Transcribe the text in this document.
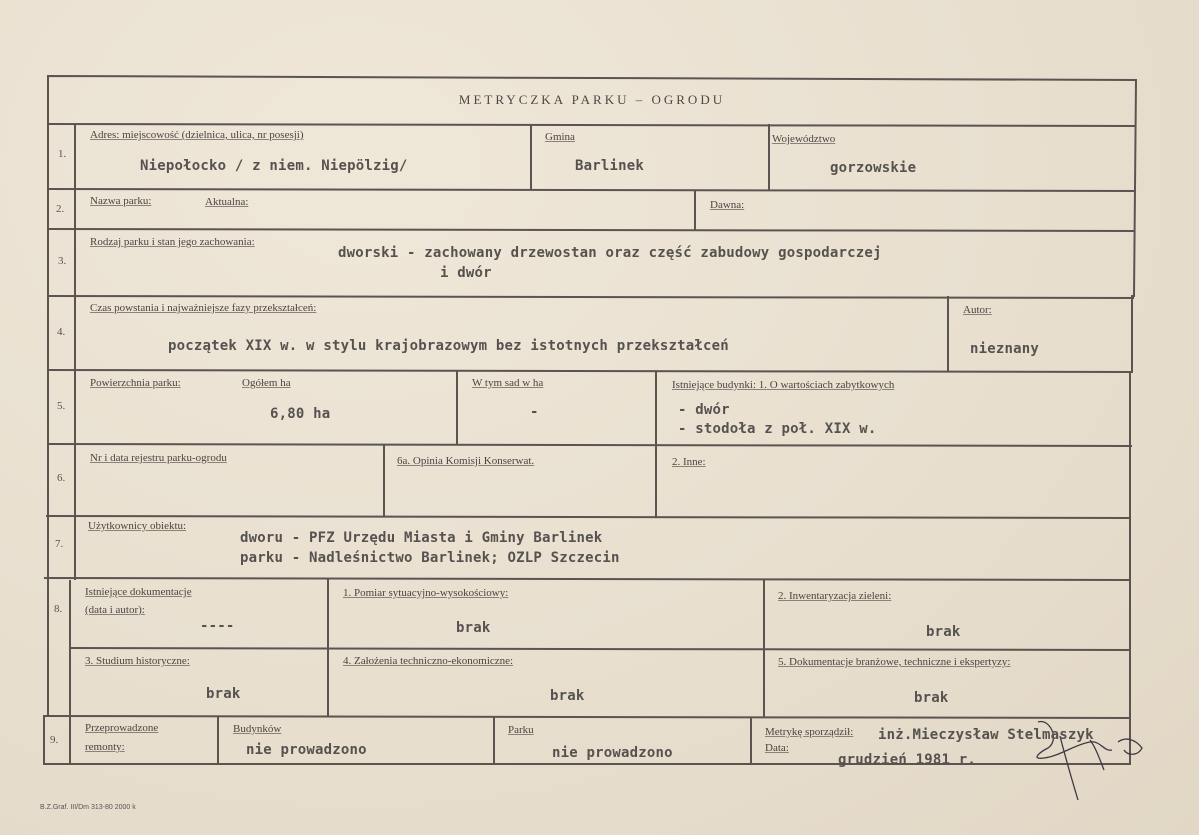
METRYCZKA PARKU – OGRODU
1.
Adres: miejscowość (dzielnica, ulica, nr posesji)
Niepołocko / z niem. Niepölzig/
Gmina
Barlinek
Województwo
gorzowskie
2.
Nazwa parku:	Aktualna:	Dawna:
3.
Rodzaj parku i stan jego zachowania:
dworski - zachowany drzewostan oraz część zabudowy gospodarczej
i dwór
4.
Czas powstania i najważniejsze fazy przekształceń:
początek XIX w. w stylu krajobrazowym bez istotnych przekształceń
Autor:
nieznany
5.
Powierzchnia parku:	Ogółem ha
6,80 ha
W tym sad w ha
-
Istniejące budynki: 1. O wartościach zabytkowych
- dwór
- stodoła z poł. XIX w.
6.
Nr i data rejestru parku-ogrodu	6a. Opinia Komisji Konserwat.	2. Inne:
7.
Użytkownicy obiektu:
dworu - PFZ Urzędu Miasta i Gminy Barlinek
parku - Nadleśnictwo Barlinek; OZLP Szczecin
8.
Istniejące dokumentacje
(data i autor):
----
1. Pomiar sytuacyjno-wysokościowy:
brak
2. Inwentaryzacja zieleni:
brak
3. Studium historyczne:
brak
4. Założenia techniczno-ekonomiczne:
brak
5. Dokumentacje branżowe, techniczne i ekspertyzy:
brak
9.
Przeprowadzone
remonty:
Budynków
nie prowadzono
Parku
nie prowadzono
Metrykę sporządził: inż.Mieczysław Stelmaszyk
Data:
grudzień 1981 r.
B.Z.Graf. III/Dm 313-80 2000 k
